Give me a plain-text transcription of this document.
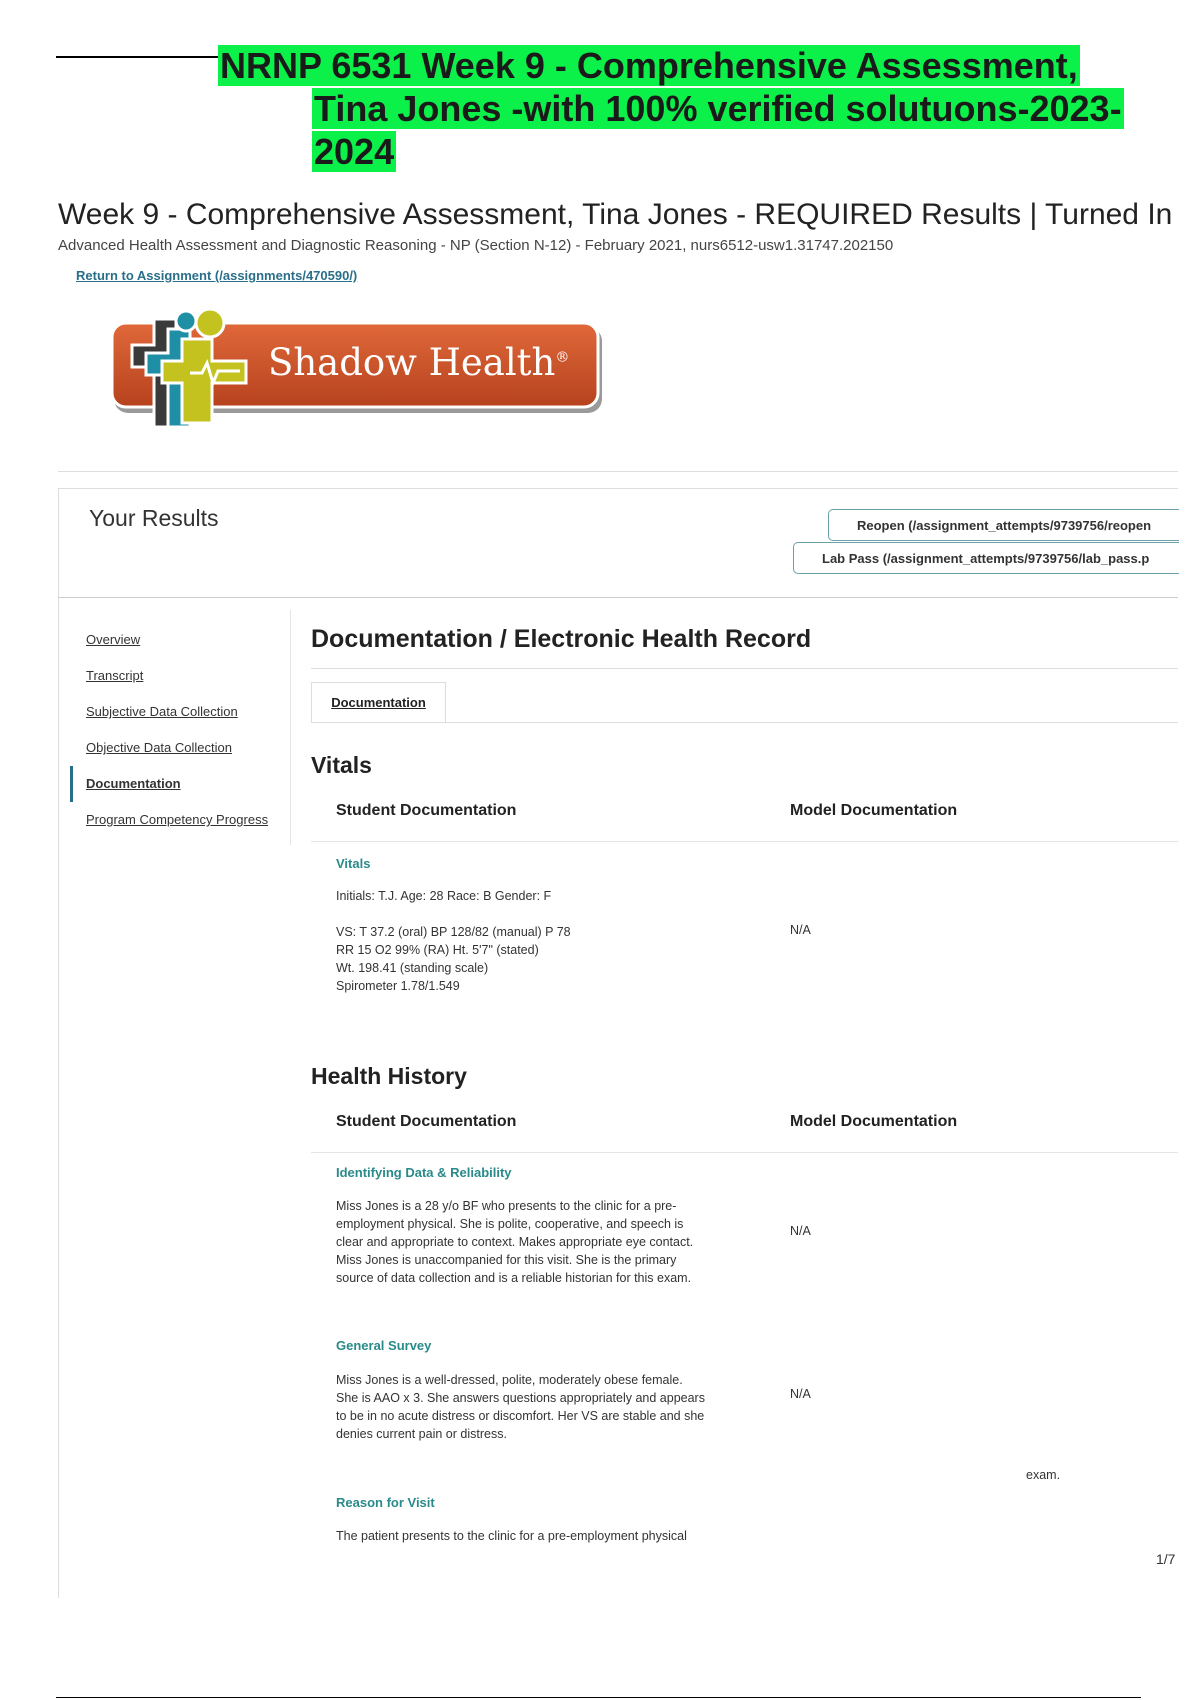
NRNP 6531 Week 9 - Comprehensive Assessment,
Tina Jones -with 100% verified solutuons-2023-
2024
Week 9 - Comprehensive Assessment, Tina Jones - REQUIRED Results | Turned In
Advanced Health Assessment and Diagnostic Reasoning - NP (Section N-12) - February 2021, nurs6512-usw1.31747.202150
Return to Assignment (/assignments/470590/)
Shadow Health®
Your Results	Reopen (/assignment_attempts/9739756/reopen
Lab Pass (/assignment_attempts/9739756/lab_pass.p
Overview
Transcript
Subjective Data Collection
Objective Data Collection
Documentation
Program Competency Progress
Documentation / Electronic Health Record
Documentation
Vitals
Student Documentation	Model Documentation
Vitals
Initials: T.J. Age: 28 Race: B Gender: F
VS: T 37.2 (oral) BP 128/82 (manual) P 78
RR 15 O2 99% (RA) Ht. 5'7" (stated)
Wt. 198.41 (standing scale)
Spirometer 1.78/1.549
N/A
Health History
Student Documentation	Model Documentation
Identifying Data & Reliability
Miss Jones is a 28 y/o BF who presents to the clinic for a pre-
employment physical. She is polite, cooperative, and speech is
clear and appropriate to context. Makes appropriate eye contact.
Miss Jones is unaccompanied for this visit. She is the primary
source of data collection and is a reliable historian for this exam.
N/A
General Survey
Miss Jones is a well-dressed, polite, moderately obese female.
She is AAO x 3. She answers questions appropriately and appears
to be in no acute distress or discomfort. Her VS are stable and she
denies current pain or distress.
N/A
exam.
Reason for Visit
The patient presents to the clinic for a pre-employment physical
1/7
